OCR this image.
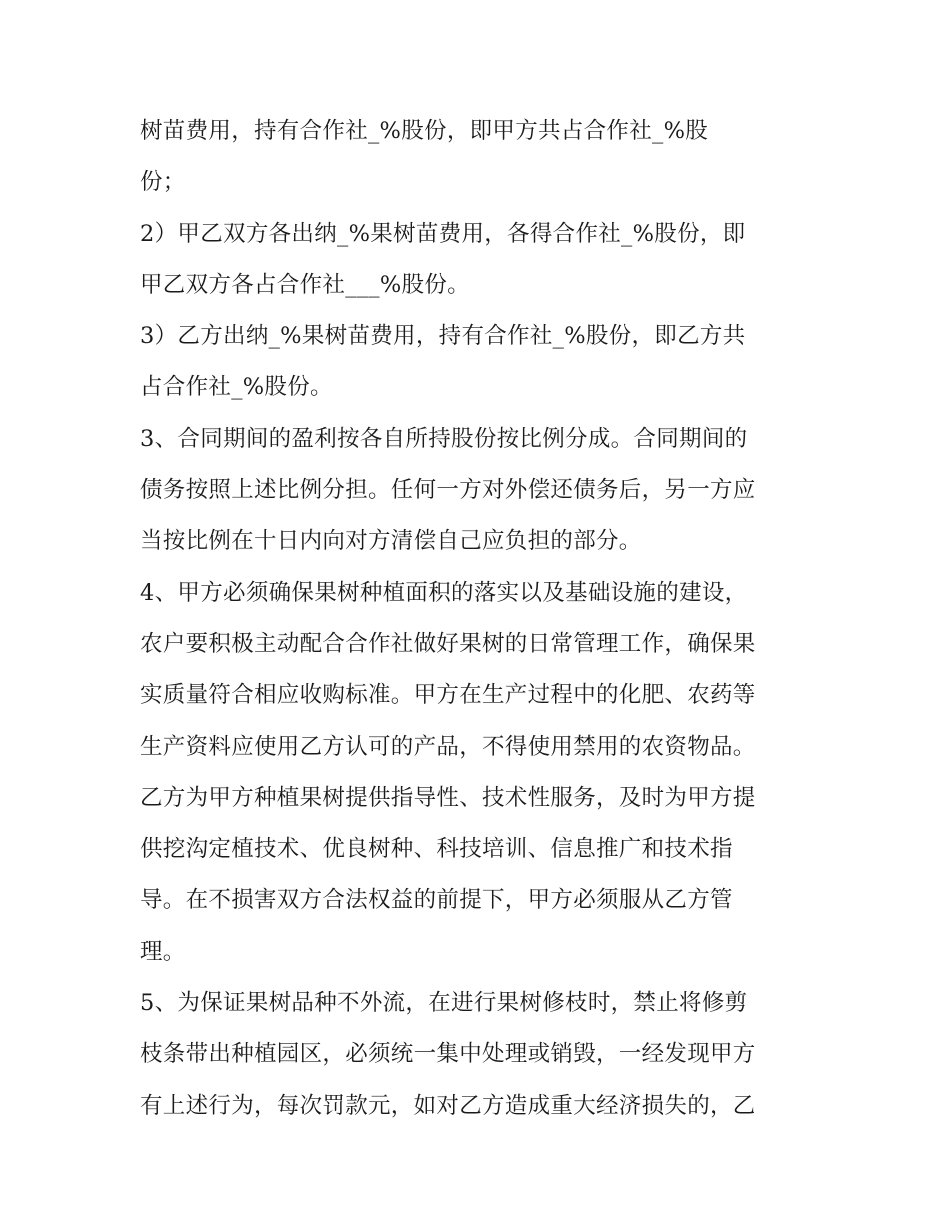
树苗费用，持有合作社_%股份，即甲方共占合作社_%股
份；
2）甲乙双方各出纳_%果树苗费用，各得合作社_%股份，即
甲乙双方各占合作社___%股份。
3）乙方出纳_%果树苗费用，持有合作社_%股份，即乙方共
占合作社_%股份。
3、合同期间的盈利按各自所持股份按比例分成。合同期间的
债务按照上述比例分担。任何一方对外偿还债务后，另一方应
当按比例在十日内向对方清偿自己应负担的部分。
4、甲方必须确保果树种植面积的落实以及基础设施的建设，
农户要积极主动配合合作社做好果树的日常管理工作，确保果
实质量符合相应收购标准。甲方在生产过程中的化肥、农药等
生产资料应使用乙方认可的产品，不得使用禁用的农资物品。
乙方为甲方种植果树提供指导性、技术性服务，及时为甲方提
供挖沟定植技术、优良树种、科技培训、信息推广和技术指
导。在不损害双方合法权益的前提下，甲方必须服从乙方管
理。
5、为保证果树品种不外流，在进行果树修枝时，禁止将修剪
枝条带出种植园区，必须统一集中处理或销毁，一经发现甲方
有上述行为，每次罚款元，如对乙方造成重大经济损失的，乙
